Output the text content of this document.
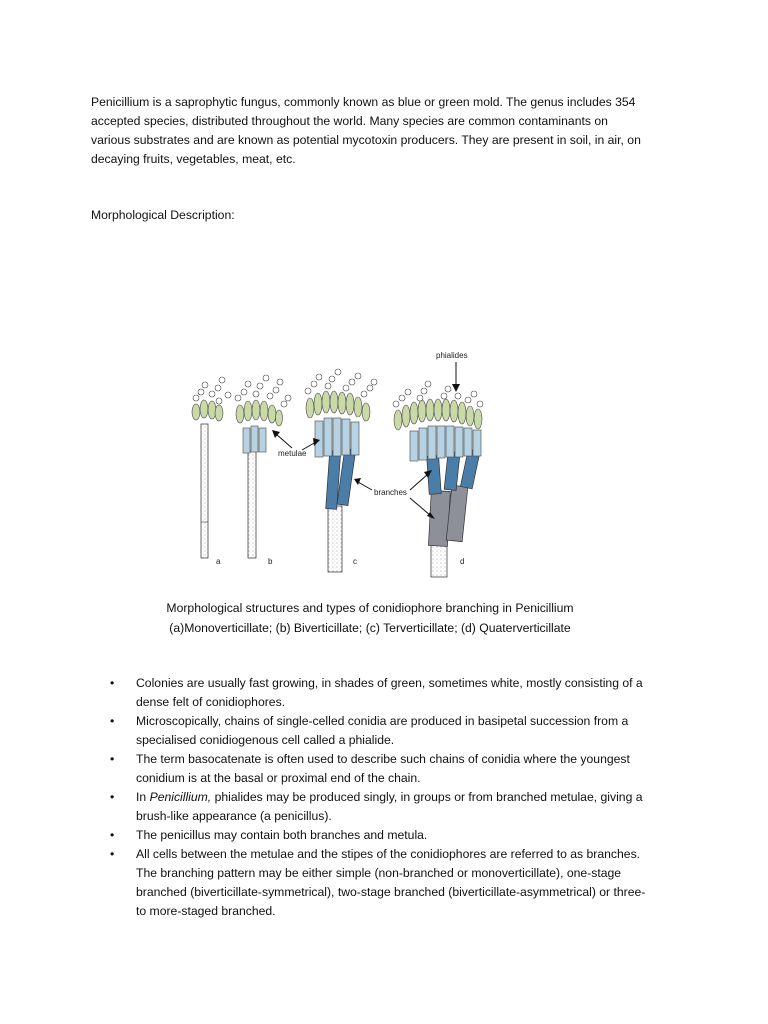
Penicillium is a saprophytic fungus, commonly known as blue or green mold. The genus includes 354

accepted species, distributed throughout the world. Many species are common contaminants on

various substrates and are known as potential mycotoxin producers. They are present in soil, in air, on

decaying fruits, vegetables, meat, etc.

Morphological Description:
phialides
metulae
branches
a	b	c	d

Morphological structures and types of conidiophore branching in Penicillium

(a)Monoverticillate; (b) Biverticillate; (c) Terverticillate; (d) Quaterverticillate

• Colonies are usually fast growing, in shades of green, sometimes white, mostly consisting of a
dense felt of conidiophores.
• Microscopically, chains of single-celled conidia are produced in basipetal succession from a
specialised conidiogenous cell called a phialide.
• The term basocatenate is often used to describe such chains of conidia where the youngest
conidium is at the basal or proximal end of the chain.
• In Penicillium, phialides may be produced singly, in groups or from branched metulae, giving a
brush-like appearance (a penicillus).
• The penicillus may contain both branches and metula.
• All cells between the metulae and the stipes of the conidiophores are referred to as branches.
The branching pattern may be either simple (non-branched or monoverticillate), one-stage
branched (biverticillate-symmetrical), two-stage branched (biverticillate-asymmetrical) or three-
to more-staged branched.
